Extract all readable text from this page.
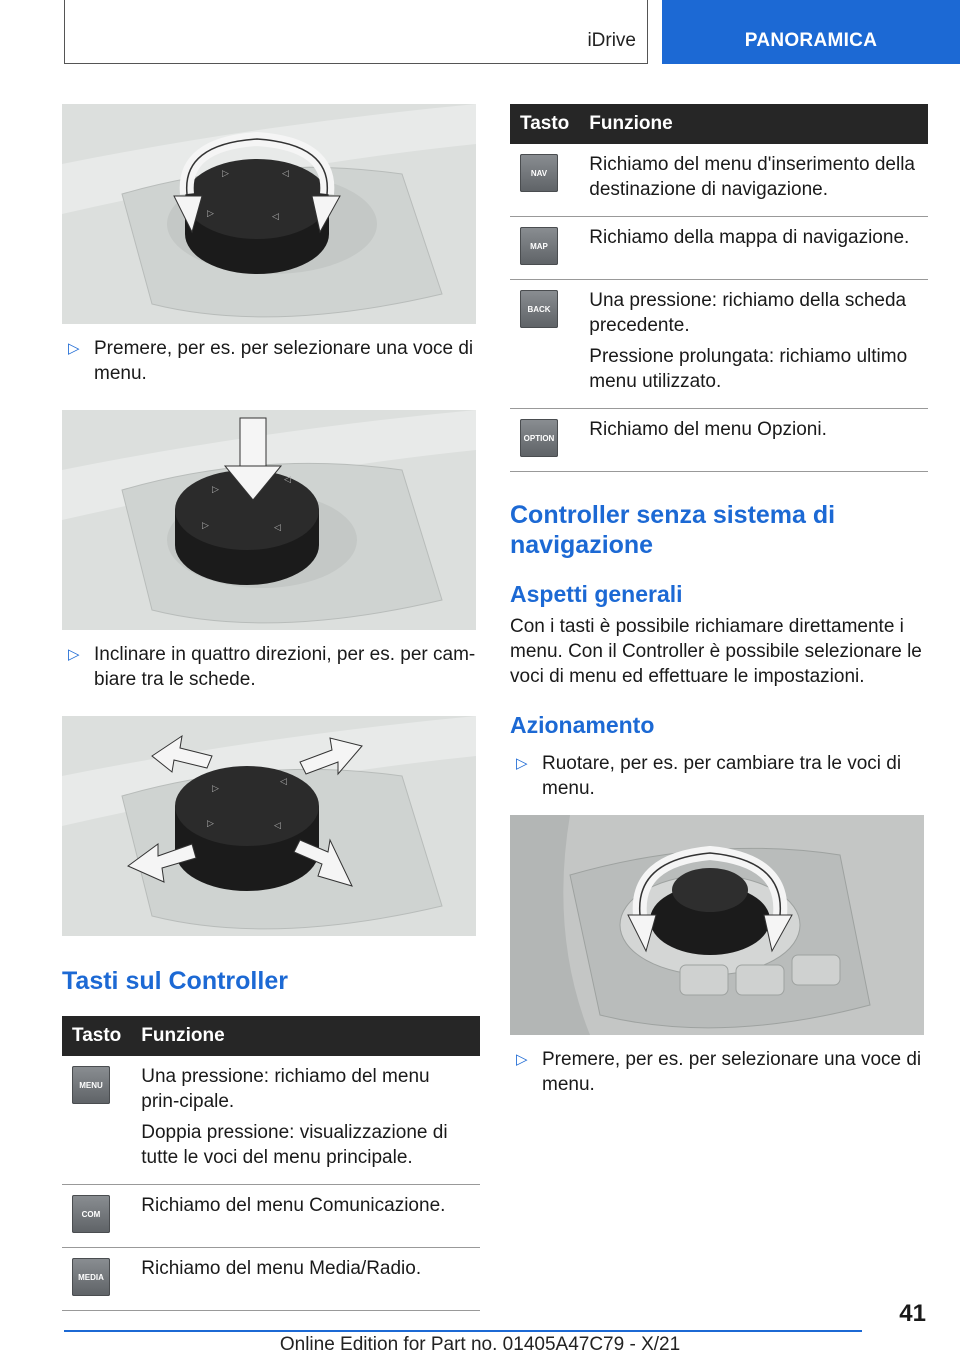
iDrive	PANORAMICA
▷	◁
▷	◁
▷ Premere, per es. per selezionare una voce di menu.
▷
◁
▷	◁
▷ Inclinare in quattro direzioni, per es. per cam-biare tra le schede.
▷
◁
▷	◁
Tasti sul Controller
Tasto	Funzione

MENU	Una pressione: richiamo del menu prin-cipale.

Doppia pressione: visualizzazione di tutte le voci del menu principale.

COM	Richiamo del menu Comunicazione.

MEDIA	Richiamo del menu Media/Radio.

Tasto	Funzione

NAV	Richiamo del menu d'inserimento della destinazione di navigazione.

MAP	Richiamo della mappa di navigazione.

BACK	Una pressione: richiamo della scheda precedente.

Pressione prolungata: richiamo ultimo menu utilizzato.

OPTION	Richiamo del menu Opzioni.

Controller senza sistema di navigazione
Aspetti generali

Con i tasti è possibile richiamare direttamente i menu. Con il Controller è possibile selezionare le voci di menu ed effettuare le impostazioni.

Azionamento
▷ Ruotare, per es. per cambiare tra le voci di menu.
▷ Premere, per es. per selezionare una voce di menu.
41
Online Edition for Part no. 01405A47C79 - X/21
